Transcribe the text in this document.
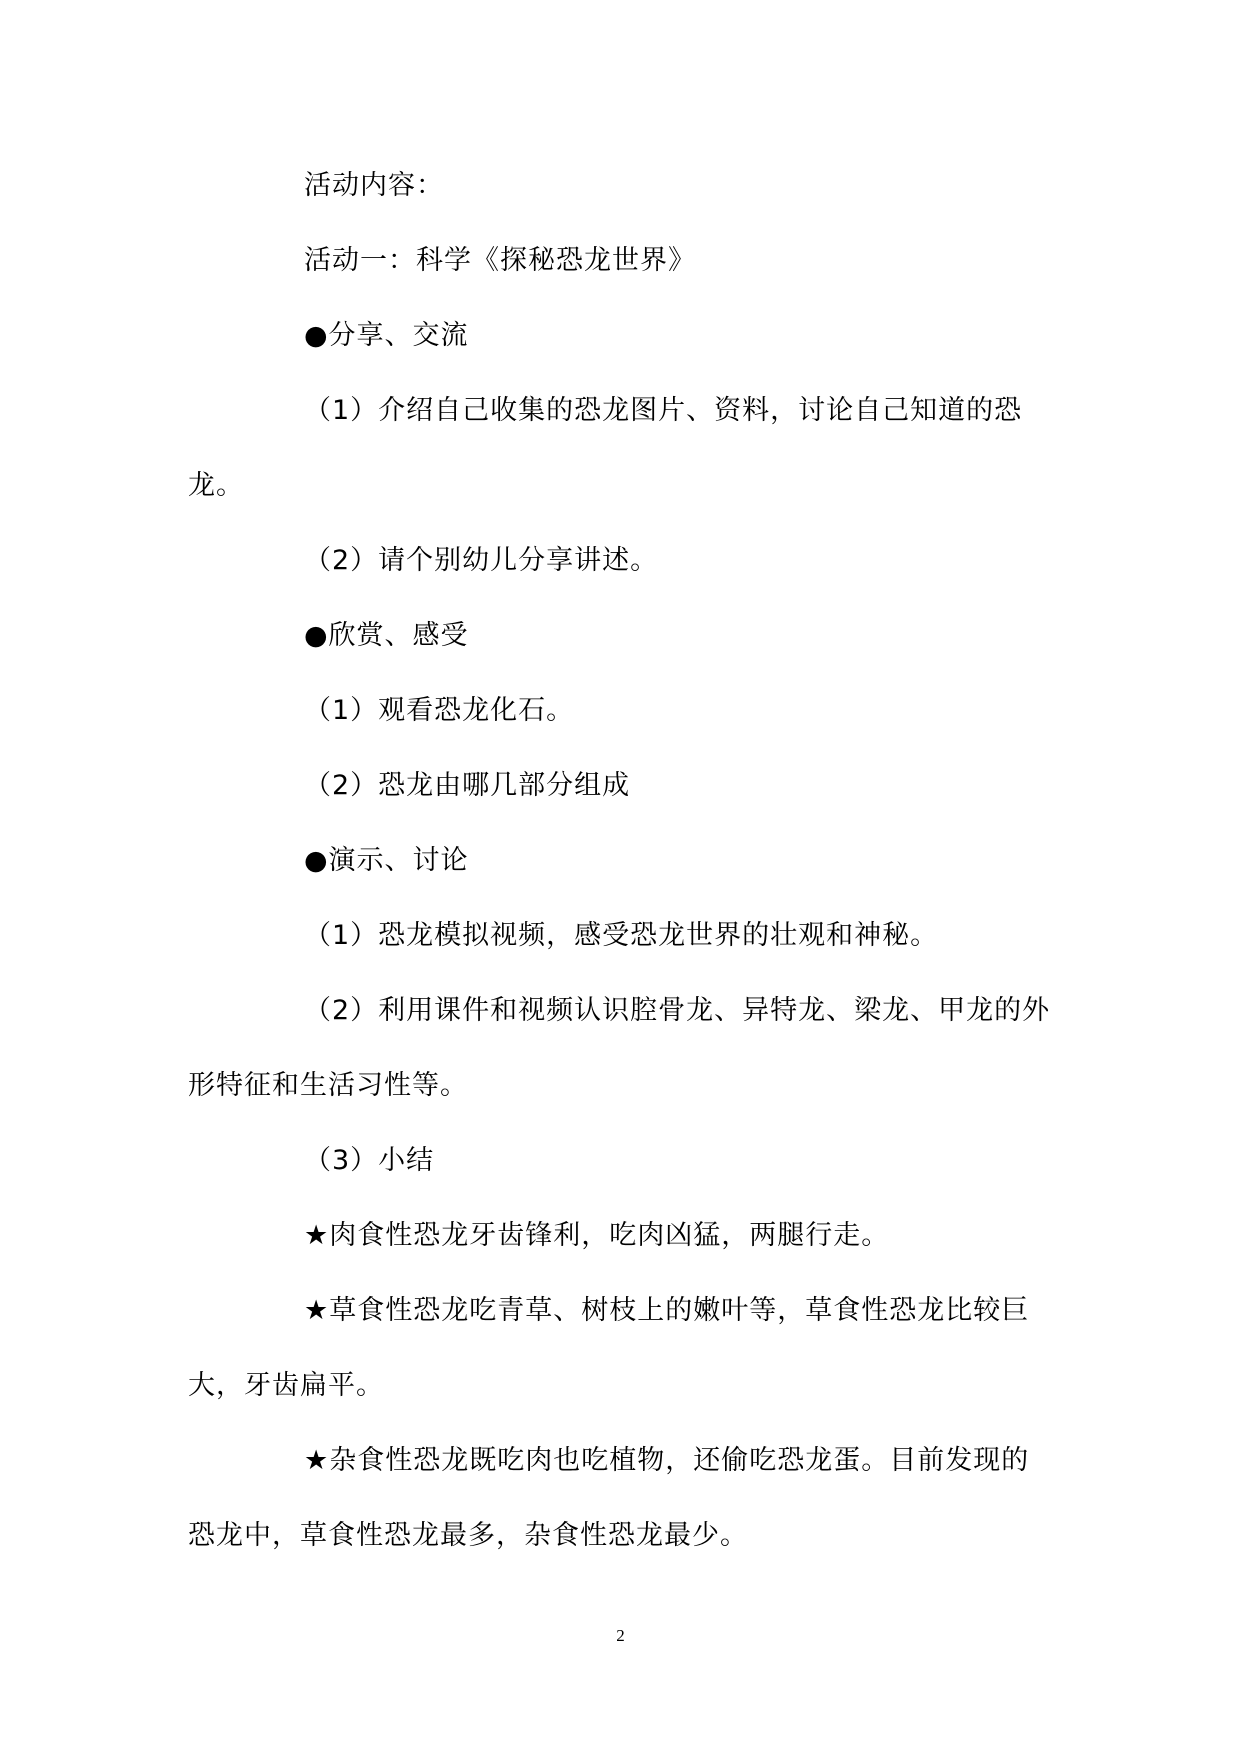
活动内容：

活动一：科学《探秘恐龙世界》

●分享、交流

（1）介绍自己收集的恐龙图片、资料，讨论自己知道的恐龙。

（2）请个别幼儿分享讲述。

●欣赏、感受

（1）观看恐龙化石。

（2）恐龙由哪几部分组成

●演示、讨论

（1）恐龙模拟视频，感受恐龙世界的壮观和神秘。

（2）利用课件和视频认识腔骨龙、异特龙、梁龙、甲龙的外形特征和生活习性等。

（3）小结

★肉食性恐龙牙齿锋利，吃肉凶猛，两腿行走。

★草食性恐龙吃青草、树枝上的嫩叶等，草食性恐龙比较巨大，牙齿扁平。

★杂食性恐龙既吃肉也吃植物，还偷吃恐龙蛋。目前发现的恐龙中，草食性恐龙最多，杂食性恐龙最少。

2
